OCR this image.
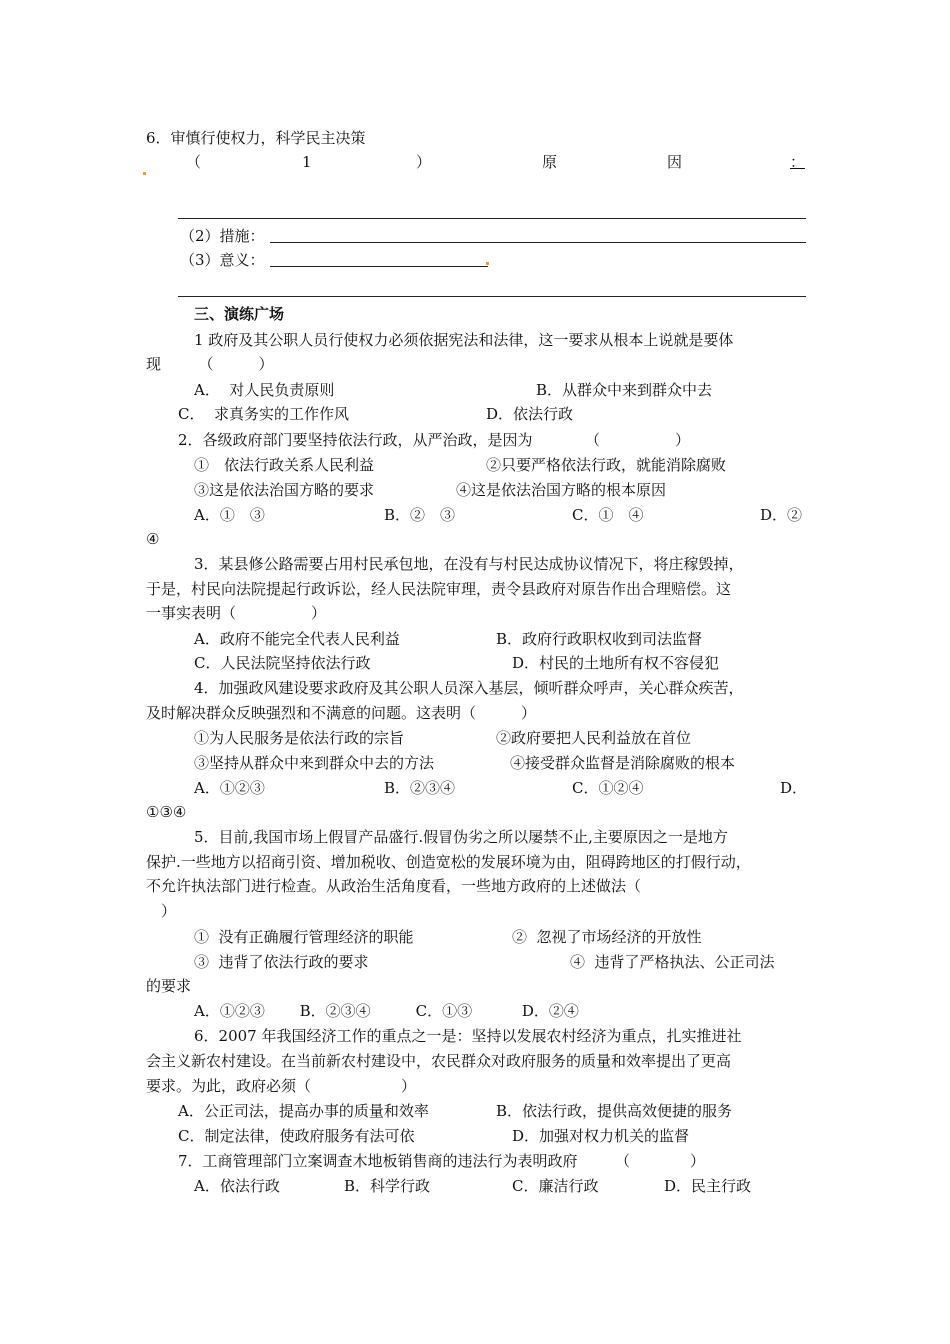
6．审慎行使权力，科学民主决策
（	1	）	原	因	：
（2）措施：
（3）意义：
三、演练广场
1 政府及其公职人员行使权力必须依据宪法和法律，这一要求从根本上说就是要体
现　　　（　　　）
A．  对人民负责原则	B．从群众中来到群众中去
C．  求真务实的工作作风	D．依法行政
2．各级政府部门要坚持依法行政，从严治政，是因为　　　　（　　　　　）
①　依法行政关系人民利益	②只要严格依法行政，就能消除腐败
③这是依法治国方略的要求	④这是依法治国方略的根本原因
A．①　③	B．②　③	C．①　④	D．②
④
3．某县修公路需要占用村民承包地，在没有与村民达成协议情况下，将庄稼毁掉，
于是，村民向法院提起行政诉讼，经人民法院审理，责令县政府对原告作出合理赔偿。这
一事实表明（　　　　　）
A．政府不能完全代表人民利益	B．政府行政职权收到司法监督
C．人民法院坚持依法行政	D．村民的土地所有权不容侵犯
4．加强政风建设要求政府及其公职人员深入基层，倾听群众呼声，关心群众疾苦，
及时解决群众反映强烈和不满意的问题。这表明（　　　）
①为人民服务是依法行政的宗旨	②政府要把人民利益放在首位
③坚持从群众中来到群众中去的方法	④接受群众监督是消除腐败的根本
A．①②③	B．②③④	C．①②④	D．
①③④
5．目前,我国市场上假冒产品盛行.假冒伪劣之所以屡禁不止,主要原因之一是地方
保护.一些地方以招商引资、增加税收、创造宽松的发展环境为由，阻碍跨地区的打假行动，
不允许执法部门进行检查。从政治生活角度看，一些地方政府的上述做法（
　）
①  没有正确履行管理经济的职能	②  忽视了市场经济的开放性
③  违背了依法行政的要求	④  违背了严格执法、公正司法
的要求
A．①②③　　 B．②③④　　　C．①③　　　 D．②④
6．2007 年我国经济工作的重点之一是：坚持以发展农村经济为重点，扎实推进社
会主义新农村建设。在当前新农村建设中，农民群众对政府服务的质量和效率提出了更高
要求。为此，政府必须（　　　　　　）
A．公正司法，提高办事的质量和效率	B．依法行政，提供高效便捷的服务
C．制定法律，使政府服务有法可依	D．加强对权力机关的监督
7．工商管理部门立案调查木地板销售商的违法行为表明政府　　　（　　　　）
A．依法行政	B．科学行政	C．廉洁行政	D．民主行政
